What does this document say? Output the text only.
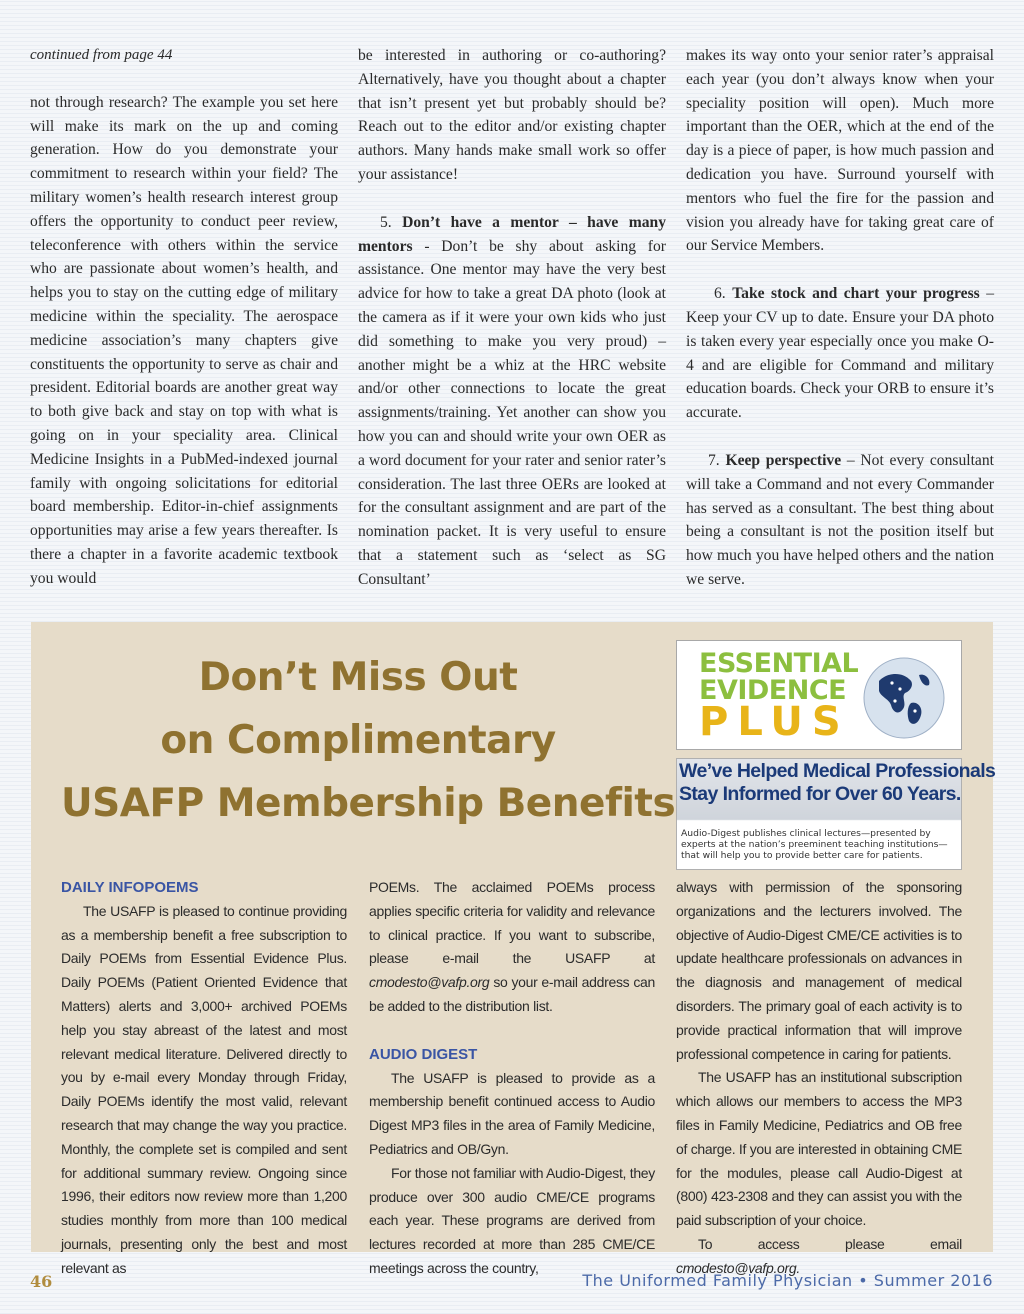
continued from page 44

not through research? The example you set here will make its mark on the up and coming generation. How do you demonstrate your commitment to research within your field? The military women’s health research interest group offers the opportunity to conduct peer review, teleconference with others within the service who are passionate about women’s health, and helps you to stay on the cutting edge of military medicine within the speciality. The aerospace medicine association’s many chapters give constituents the opportunity to serve as chair and president. Editorial boards are another great way to both give back and stay on top with what is going on in your speciality area. Clinical Medicine Insights in a PubMed-indexed journal family with ongoing solicitations for editorial board membership. Editor-in-chief assignments opportunities may arise a few years thereafter. Is there a chapter in a favorite academic textbook you would

be interested in authoring or co-authoring? Alternatively, have you thought about a chapter that isn’t present yet but probably should be? Reach out to the editor and/or existing chapter authors. Many hands make small work so offer your assistance!

5. Don’t have a mentor – have many mentors - Don’t be shy about asking for assistance. One mentor may have the very best advice for how to take a great DA photo (look at the camera as if it were your own kids who just did something to make you very proud) – another might be a whiz at the HRC website and/or other connections to locate the great assignments/training. Yet another can show you how you can and should write your own OER as a word document for your rater and senior rater’s consideration. The last three OERs are looked at for the consultant assignment and are part of the nomination packet. It is very useful to ensure that a statement such as ‘select as SG Consultant’

makes its way onto your senior rater’s appraisal each year (you don’t always know when your speciality position will open). Much more important than the OER, which at the end of the day is a piece of paper, is how much passion and dedication you have. Surround yourself with mentors who fuel the fire for the passion and vision you already have for taking great care of our Service Members.

6. Take stock and chart your progress – Keep your CV up to date. Ensure your DA photo is taken every year especially once you make O-4 and are eligible for Command and military education boards. Check your ORB to ensure it’s accurate.

7. Keep perspective – Not every consultant will take a Command and not every Commander has served as a consultant. The best thing about being a consultant is not the position itself but how much you have helped others and the nation we serve.

Don’t Miss Out
on Complimentary
USAFP Membership Benefits
ESSENTIAL
EVIDENCE
PLUS
We’ve Helped Medical Professionals
Stay Informed for Over 60 Years.
Audio-Digest publishes clinical lectures—presented by experts at the nation’s preeminent teaching institutions—that will help you to provide better care for patients.

DAILY INFOPOEMS

The USAFP is pleased to continue providing as a membership benefit a free subscription to Daily POEMs from Essential Evidence Plus. Daily POEMs (Patient Oriented Evidence that Matters) alerts and 3,000+ archived POEMs help you stay abreast of the latest and most relevant medical literature. Delivered directly to you by e-mail every Monday through Friday, Daily POEMs identify the most valid, relevant research that may change the way you practice. Monthly, the complete set is compiled and sent for additional summary review. Ongoing since 1996, their editors now review more than 1,200 studies monthly from more than 100 medical journals, presenting only the best and most relevant as

POEMs. The acclaimed POEMs process applies specific criteria for validity and relevance to clinical practice. If you want to subscribe, please e-mail the USAFP at cmodesto@vafp.org so your e-mail address can be added to the distribution list.

AUDIO DIGEST

The USAFP is pleased to provide as a membership benefit continued access to Audio Digest MP3 files in the area of Family Medicine, Pediatrics and OB/Gyn.

For those not familiar with Audio-Digest, they produce over 300 audio CME/CE programs each year. These programs are derived from lectures recorded at more than 285 CME/CE meetings across the country,

always with permission of the sponsoring organizations and the lecturers involved. The objective of Audio-Digest CME/CE activities is to update healthcare professionals on advances in the diagnosis and management of medical disorders. The primary goal of each activity is to provide practical information that will improve professional competence in caring for patients.

The USAFP has an institutional subscription which allows our members to access the MP3 files in Family Medicine, Pediatrics and OB free of charge. If you are interested in obtaining CME for the modules, please call Audio-Digest at (800) 423-2308 and they can assist you with the paid subscription of your choice.

To access please email cmodesto@vafp.org.

46	The Uniformed Family Physician • Summer 2016
